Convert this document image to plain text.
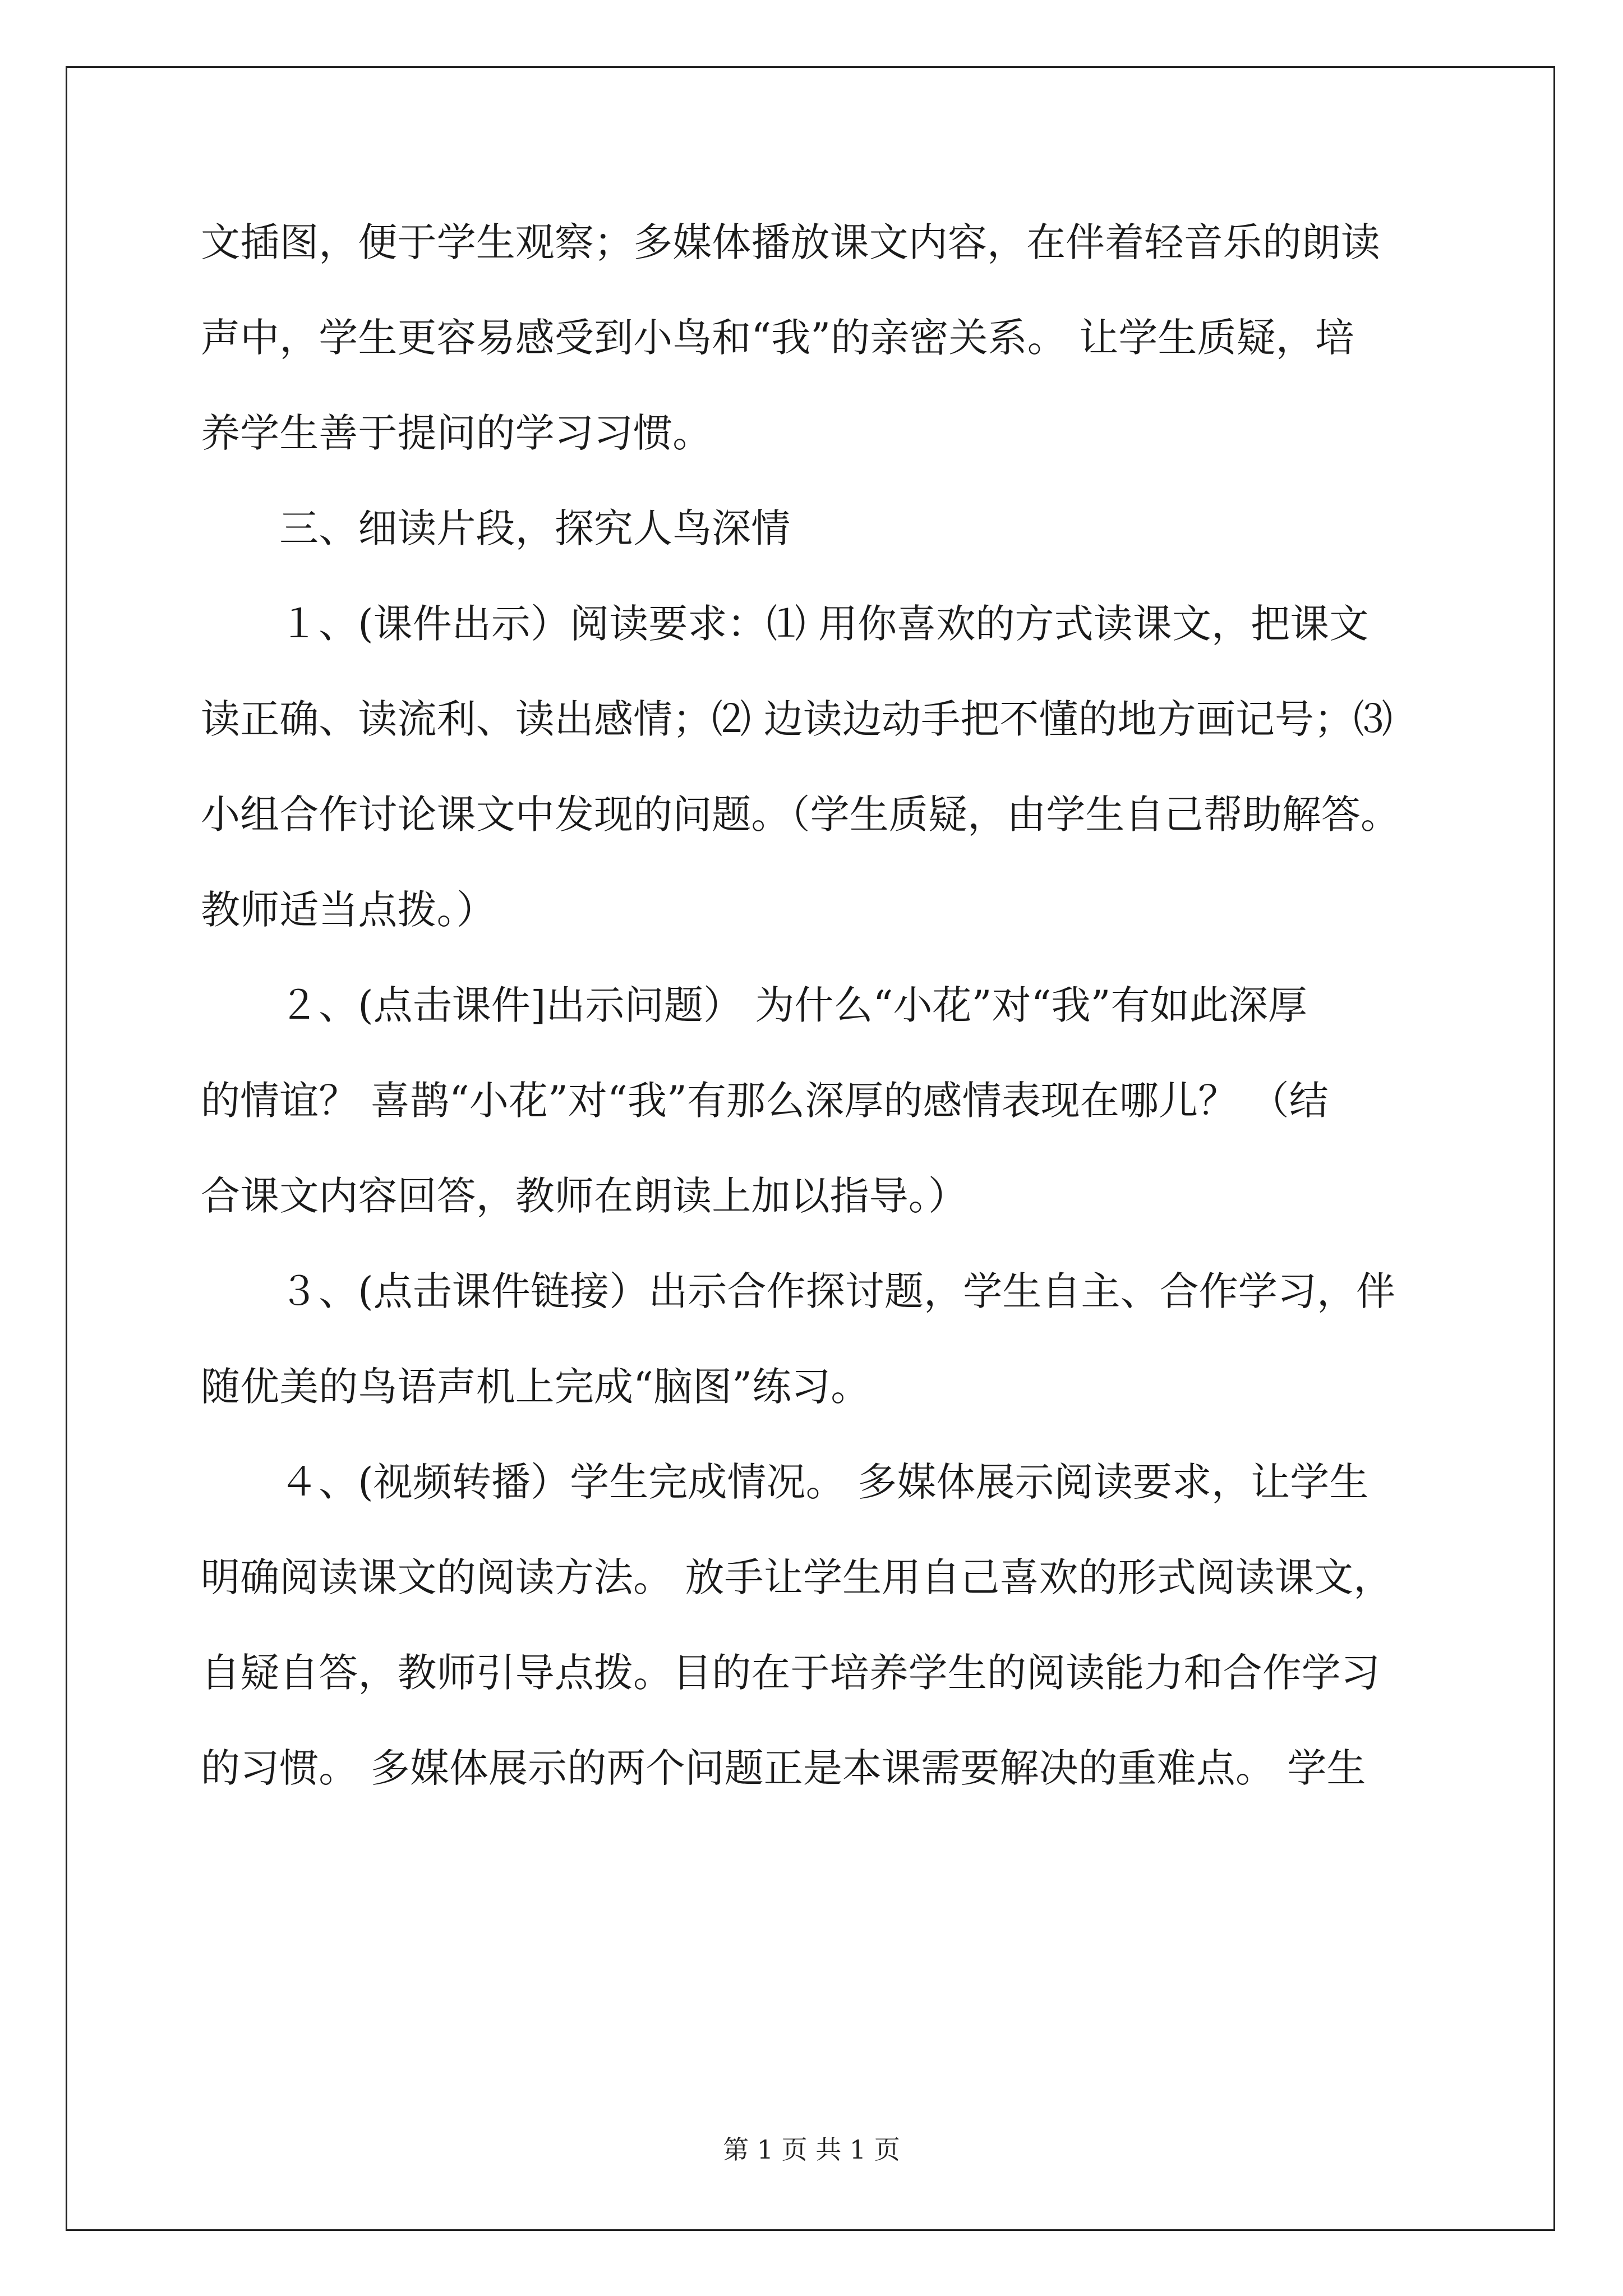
文插图，便于学生观察；多媒体播放课文内容，在伴着轻音乐的朗读
声中，学生更容易感受到小鸟和“我”的亲密关系。 让学生质疑，培
养学生善于提问的学习习惯。
三、细读片段，探究人鸟深情
１、(课件出示）阅读要求：⑴ 用你喜欢的方式读课文，把课文
读正确、读流利、读出感情；⑵ 边读边动手把不懂的地方画记号；⑶
小组合作讨论课文中发现的问题。（学生质疑，由学生自己帮助解答。
教师适当点拨。）
２、(点击课件]出示问题） 为什么“小花”对“我”有如此深厚
的情谊？ 喜鹊“小花”对“我”有那么深厚的感情表现在哪儿？ （结
合课文内容回答，教师在朗读上加以指导。）
３、(点击课件链接）出示合作探讨题，学生自主、合作学习，伴
随优美的鸟语声机上完成“脑图”练习。
４、(视频转播）学生完成情况。 多媒体展示阅读要求，让学生
明确阅读课文的阅读方法。 放手让学生用自己喜欢的形式阅读课文，
自疑自答，教师引导点拨。目的在于培养学生的阅读能力和合作学习
的习惯。 多媒体展示的两个问题正是本课需要解决的重难点。 学生
第 1 页 共 1 页
